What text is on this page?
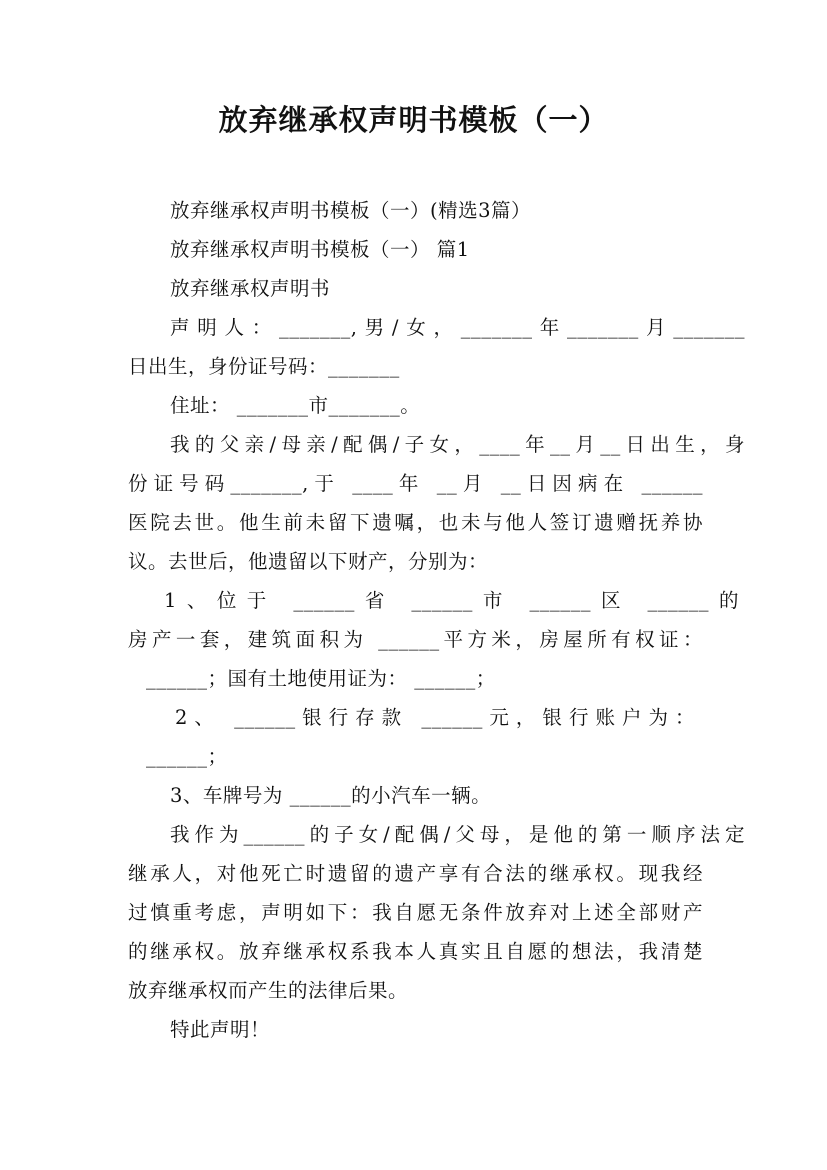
放弃继承权声明书模板（一）
放弃继承权声明书模板（一）(精选3篇）
放弃继承权声明书模板（一） 篇1
放弃继承权声明书
声明人：_______,男/女，_______年_______月_______
日出生，身份证号码：_______
住址： _______市_______。
我的父亲/母亲/配偶/子女，____年__月__日出生，身
份证号码_______,于 ____年 __月 __日因病在 ______
医院去世。他生前未留下遗嘱，也未与他人签订遗赠抚养协
议。去世后，他遗留以下财产，分别为：
1、位于 ______省 ______市 ______区 ______的
房产一套，建筑面积为 ______平方米，房屋所有权证：
______；国有土地使用证为： ______；
2、 ______银行存款 ______元，银行账户为：
______；
3、车牌号为 ______的小汽车一辆。
我作为______的子女/配偶/父母，是他的第一顺序法定
继承人，对他死亡时遗留的遗产享有合法的继承权。现我经
过慎重考虑，声明如下：我自愿无条件放弃对上述全部财产
的继承权。放弃继承权系我本人真实且自愿的想法，我清楚
放弃继承权而产生的法律后果。
特此声明！
